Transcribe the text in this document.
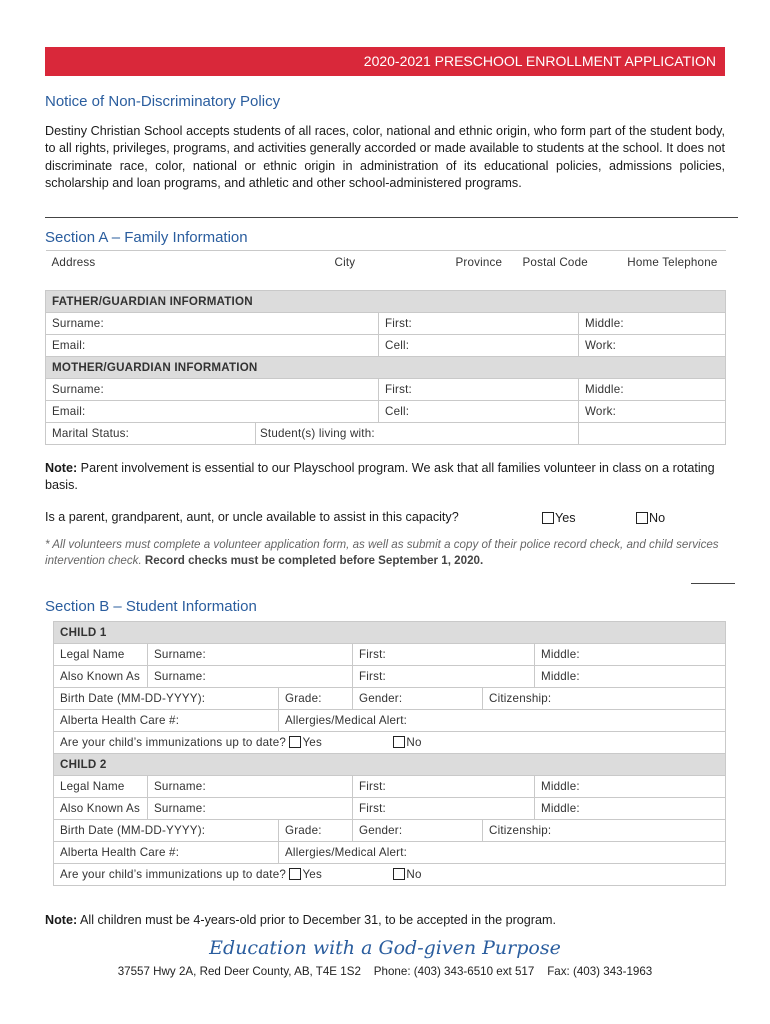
2020-2021 PRESCHOOL ENROLLMENT APPLICATION
Notice of Non-Discriminatory Policy
Destiny Christian School accepts students of all races, color, national and ethnic origin, who form part of the student body, to all rights, privileges, programs, and activities generally accorded or made available to students at the school. It does not discriminate race, color, national or ethnic origin in administration of its educational policies, admissions policies, scholarship and loan programs, and athletic and other school-administered programs.
Section A – Family Information
Address		City		Province	Postal Code	Home Telephone
FATHER/GUARDIAN INFORMATION						
Surname:			First:			Middle:
Email:			Cell:			Work:
MOTHER/GUARDIAN INFORMATION						
Surname:			First:			Middle:
Email:			Cell:			Work:
Marital Status:	Student(s) living with:					
Note: Parent involvement is essential to our Playschool program. We ask that all families volunteer in class on a rotating basis.
Is a parent, grandparent, aunt, or uncle available to assist in this capacity?	Yes	No
* All volunteers must complete a volunteer application form, as well as submit a copy of their police record check, and child services intervention check. Record checks must be completed before September 1, 2020.
Section B – Student Information
CHILD 1					
Legal Name	Surname:		First:		Middle:
Also Known As	Surname:		First:		Middle:
Birth Date (MM-DD-YYYY):		Grade:	Gender:	Citizenship:	
Alberta Health Care #:		Allergies/Medical Alert:			
Are your child’s immunizations up to date? Yes No					
CHILD 2					
Legal Name	Surname:		First:		Middle:
Also Known As	Surname:		First:		Middle:
Birth Date (MM-DD-YYYY):		Grade:	Gender:	Citizenship:	
Alberta Health Care #:		Allergies/Medical Alert:			
Are your child’s immunizations up to date? Yes No					
Note: All children must be 4-years-old prior to December 31, to be accepted in the program.
Education with a God-given Purpose
37557 Hwy 2A, Red Deer County, AB, T4E 1S2 Phone: (403) 343-6510 ext 517 Fax: (403) 343-1963
